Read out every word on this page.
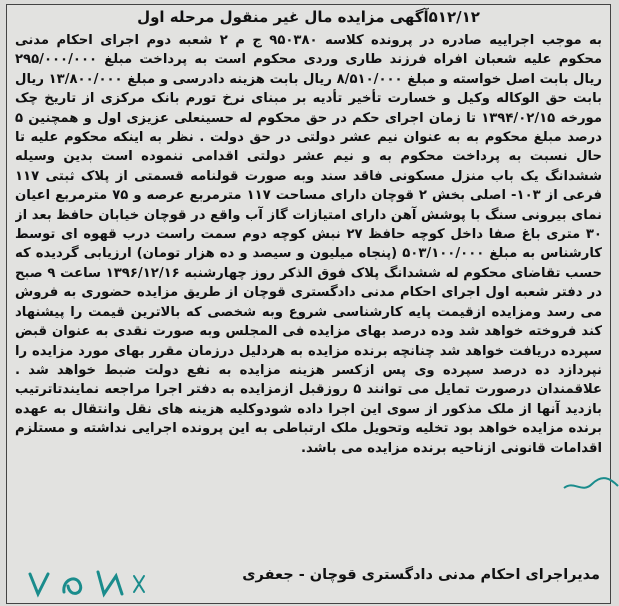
۵۱۲/۱۲آگهی مزایده مال غیر منقول مرحله اول
به موجب اجراییه صادره در پرونده کلاسه ۹۵۰۳۸۰ ج م ۲ شعبه دوم اجرای احکام مدنی محکوم علیه شعبان افراه فرزند طاری وردی محکوم است به پرداخت مبلغ ۲۹۵/۰۰۰/۰۰۰ ریال بابت اصل خواسته و مبلغ ۸/۵۱۰/۰۰۰ ریال بابت هزینه دادرسی و مبلغ ۱۳/۸۰۰/۰۰۰ ریال بابت حق الوکاله وکیل و خسارت تأخیر تأدیه بر مبنای نرخ تورم بانک مرکزی از تاریخ چک مورخه ۱۳۹۴/۰۲/۱۵ تا زمان اجرای حکم در حق محکوم له حسینعلی عزیزی اول و همچنین ۵ درصد مبلغ محکوم به به عنوان نیم عشر دولتی در حق دولت . نظر به اینکه محکوم علیه تا حال نسبت به پرداخت محکوم به و نیم عشر دولتی اقدامی ننموده است بدین وسیله ششدانگ یک باب منزل مسکونی فاقد سند وبه صورت قولنامه قسمتی از پلاک ثبتی ۱۱۷ فرعی از ۱۰۳- اصلی بخش ۲ قوچان دارای مساحت ۱۱۷ مترمربع عرصه و ۷۵ مترمربع اعیان نمای بیرونی سنگ با پوشش آهن دارای امتیازات گاز آب واقع در قوچان خیابان حافظ بعد از ۳۰ متری باغ صفا داخل کوچه حافظ ۲۷ نبش کوچه دوم سمت راست درب قهوه ای توسط کارشناس به مبلغ ۵۰۳/۱۰۰/۰۰۰ (پنجاه میلیون و سیصد و ده هزار تومان) ارزیابی گردیده که حسب تقاضای محکوم له ششدانگ پلاک فوق الذکر روز چهارشنبه ۱۳۹۶/۱۲/۱۶ ساعت ۹ صبح در دفتر شعبه اول اجرای احکام مدنی دادگستری قوچان از طریق مزایده حضوری به فروش می رسد ومزایده ازقیمت پایه کارشناسی شروع وبه شخصی که بالاترین قیمت را پیشنهاد کند فروخته خواهد شد وده درصد بهای مزایده فی المجلس وبه صورت نقدی به عنوان قبض سپرده دریافت خواهد شد چنانچه برنده مزایده به هردلیل درزمان مقرر بهای مورد مزایده را نپردازد ده درصد سپرده وی پس ازکسر هزینه مزایده به نفع دولت ضبط خواهد شد . علاقمندان درصورت تمایل می توانند ۵ روزقبل ازمزایده به دفتر اجرا مراجعه نمایندتاترتیب بازدید آنها از ملک مذکور از سوی این اجرا داده شودوکلیه هزینه های نقل وانتقال به عهده برنده مزایده خواهد بود تخلیه وتحویل ملک ارتباطی به این پرونده اجرایی نداشته و مستلزم اقدامات قانونی ازناحیه برنده مزایده می باشد.
مدیراجرای احکام مدنی دادگستری قوچان - جعفری
